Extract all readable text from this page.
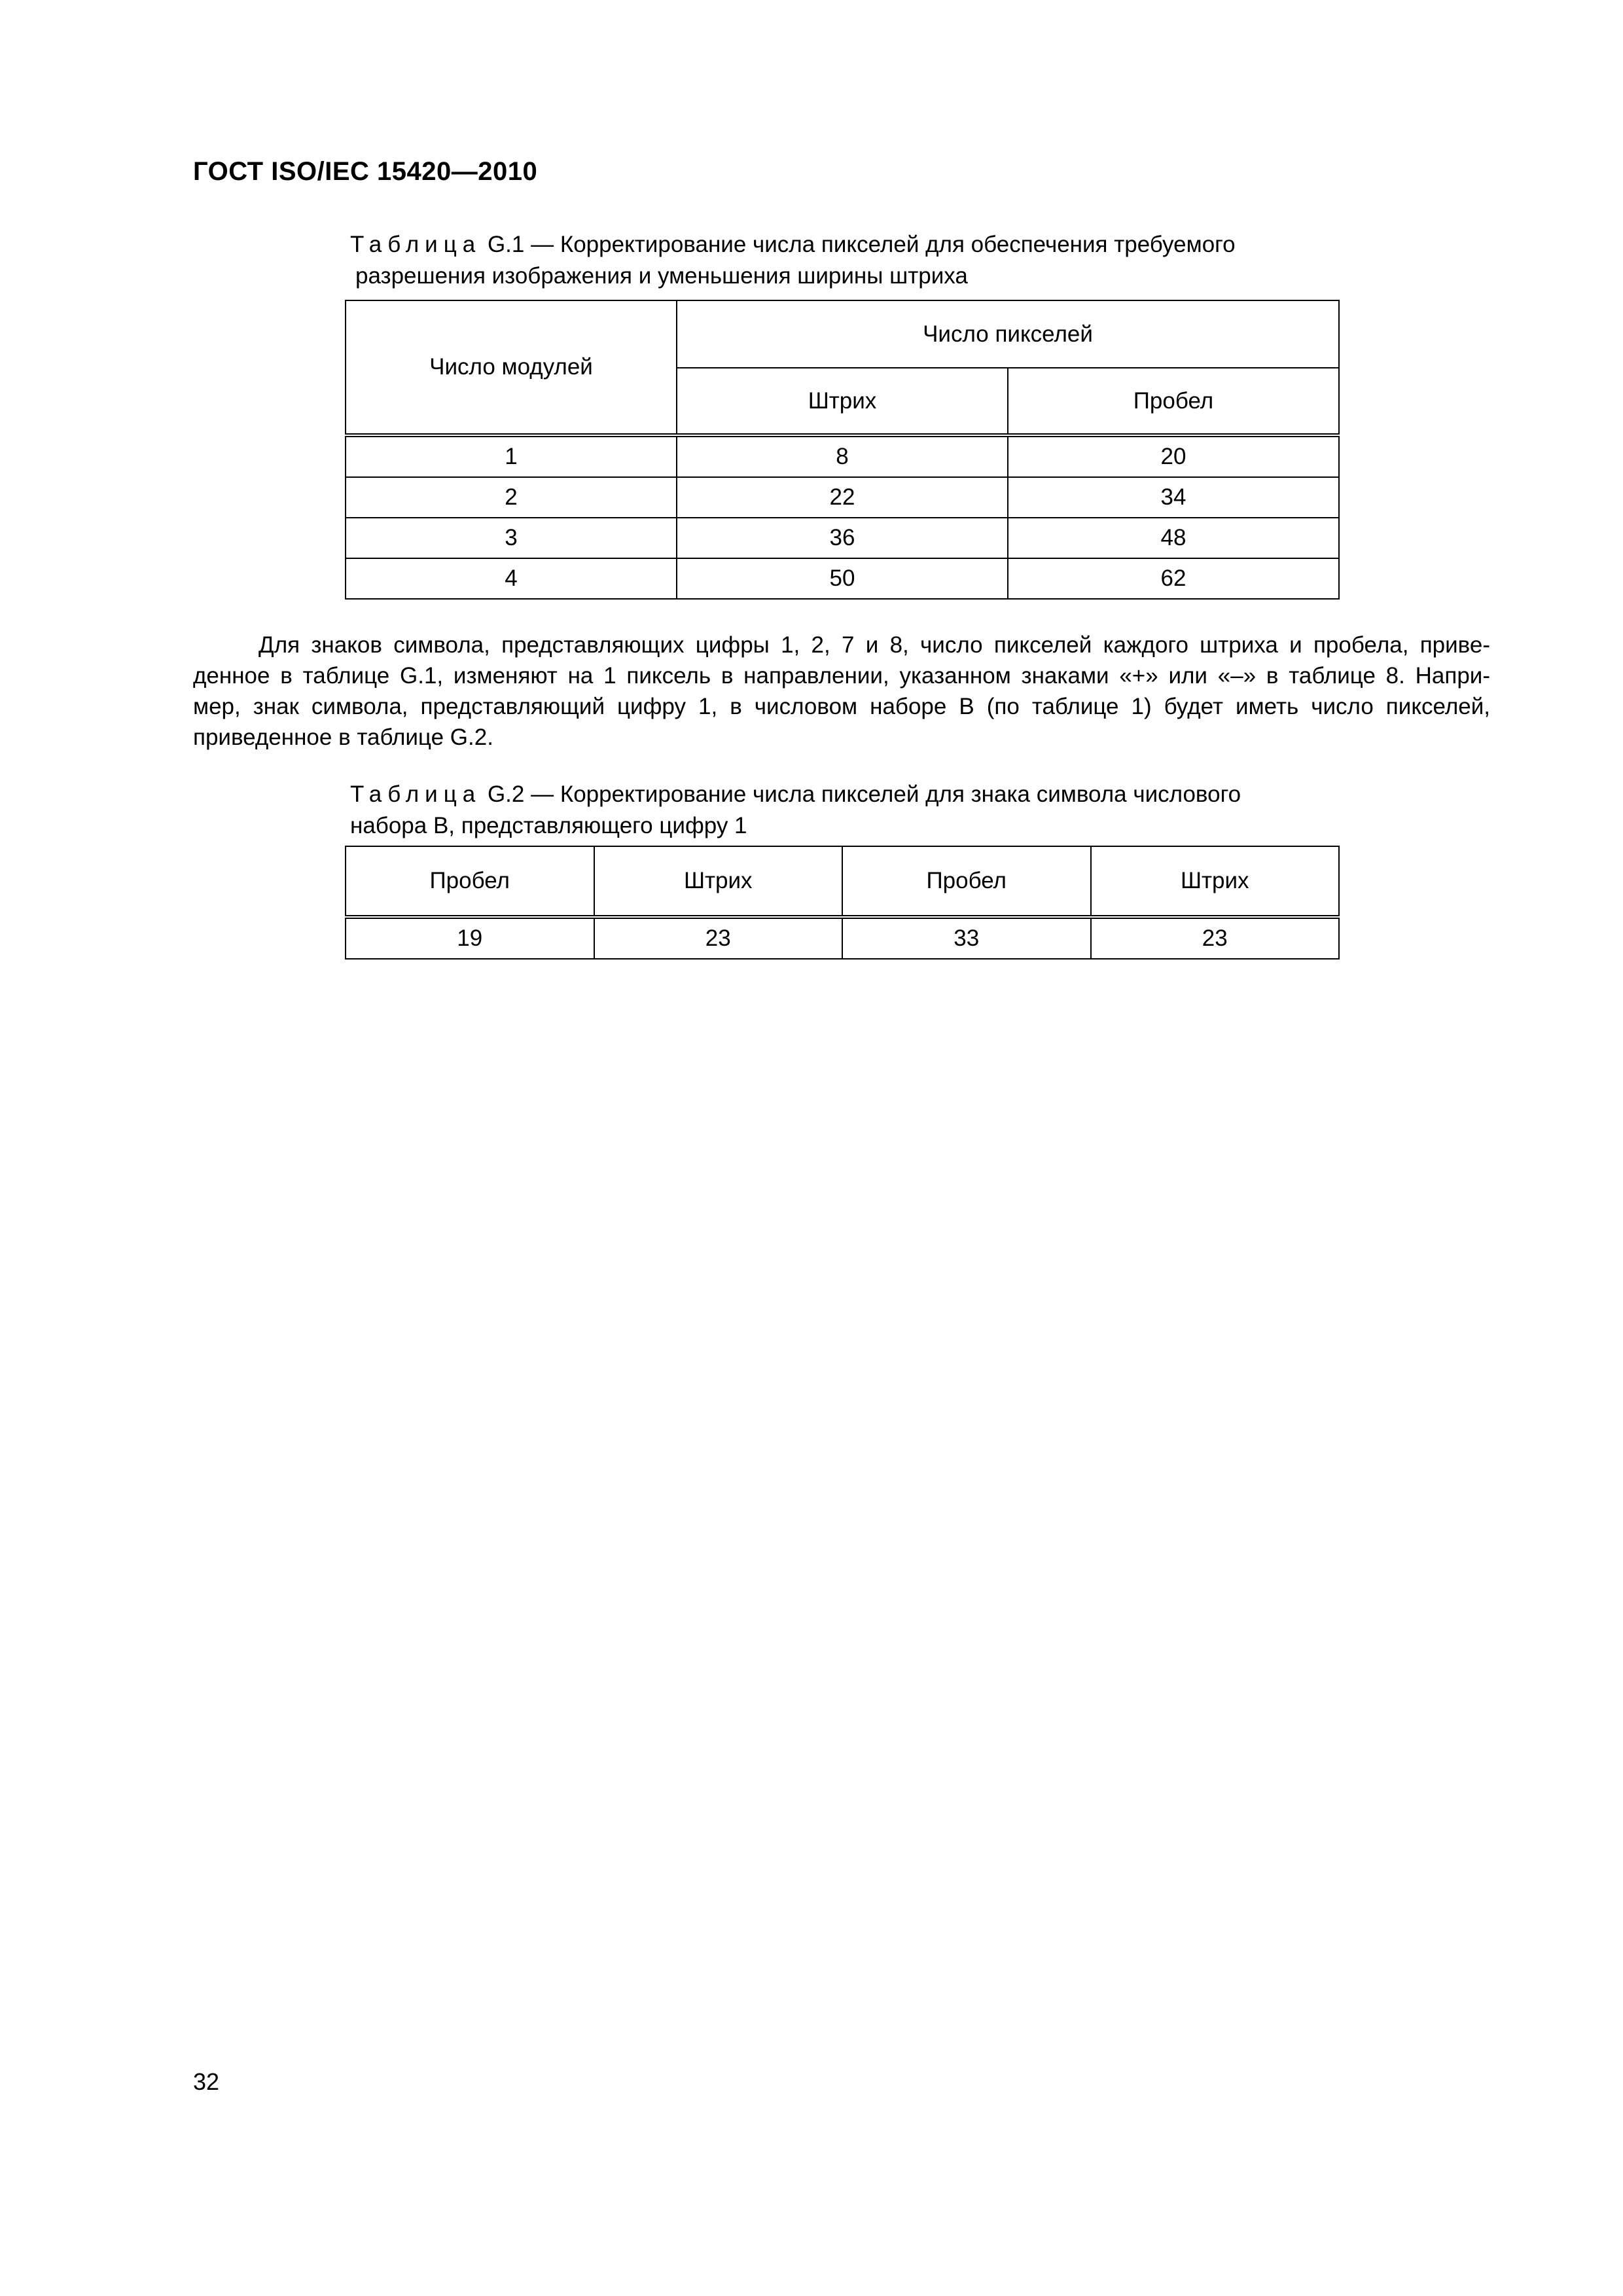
ГОСТ ISO/IEC 15420—2010

Таблица G.1 — Корректирование числа пикселей для обеспечения требуемого
разрешения изображения и уменьшения ширины штриха

Число модулей	Число пикселей	
	Штрих	Пробел
1	8	20
2	22	34
3	36	48
4	50	62

Для знаков символа, представляющих цифры 1, 2, 7 и 8, число пикселей каждого штриха и пробела, приве-
денное в таблице G.1, изменяют на 1 пиксель в направлении, указанном знаками «+» или «–» в таблице 8. Напри-
мер, знак символа, представляющий цифру 1, в числовом наборе В (по таблице 1) будет иметь число пикселей,
приведенное в таблице G.2.

Таблица G.2 — Корректирование числа пикселей для знака символа числового
набора В, представляющего цифру 1

Пробел	Штрих	Пробел	Штрих
19	23	33	23

32
